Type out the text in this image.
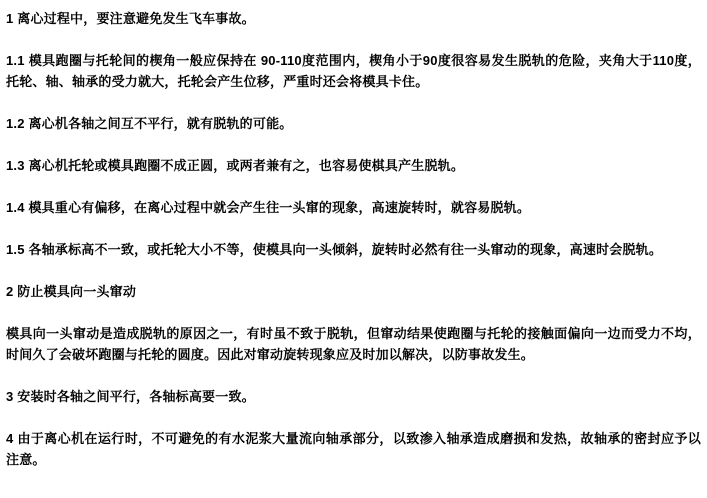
1 离心过程中，要注意避免发生飞车事故。

1.1 模具跑圈与托轮间的楔角一般应保持在 90-110度范围内，楔角小于90度很容易发生脱轨的危险，夹角大于110度，托轮、轴、轴承的受力就大，托轮会产生位移，严重时还会将模具卡住。

1.2 离心机各轴之间互不平行，就有脱轨的可能。

1.3 离心机托轮或模具跑圈不成正圆，或两者兼有之，也容易使棋具产生脱轨。

1.4 模具重心有偏移，在离心过程中就会产生往一头窜的现象，高速旋转时，就容易脱轨。

1.5 各轴承标高不一致，或托轮大小不等，使模具向一头倾斜，旋转时必然有往一头窜动的现象，高速时会脱轨。

2 防止模具向一头窜动

模具向一头窜动是造成脱轨的原因之一，有时虽不致于脱轨，但窜动结果使跑圈与托轮的接触面偏向一边而受力不均，时间久了会破坏跑圈与托轮的圆度。因此对窜动旋转现象应及时加以解决，以防事故发生。

3 安装时各轴之间平行，各轴标高要一致。

4 由于离心机在运行时，不可避免的有水泥浆大量流向轴承部分，以致渗入轴承造成磨损和发热，故轴承的密封应予以注意。
